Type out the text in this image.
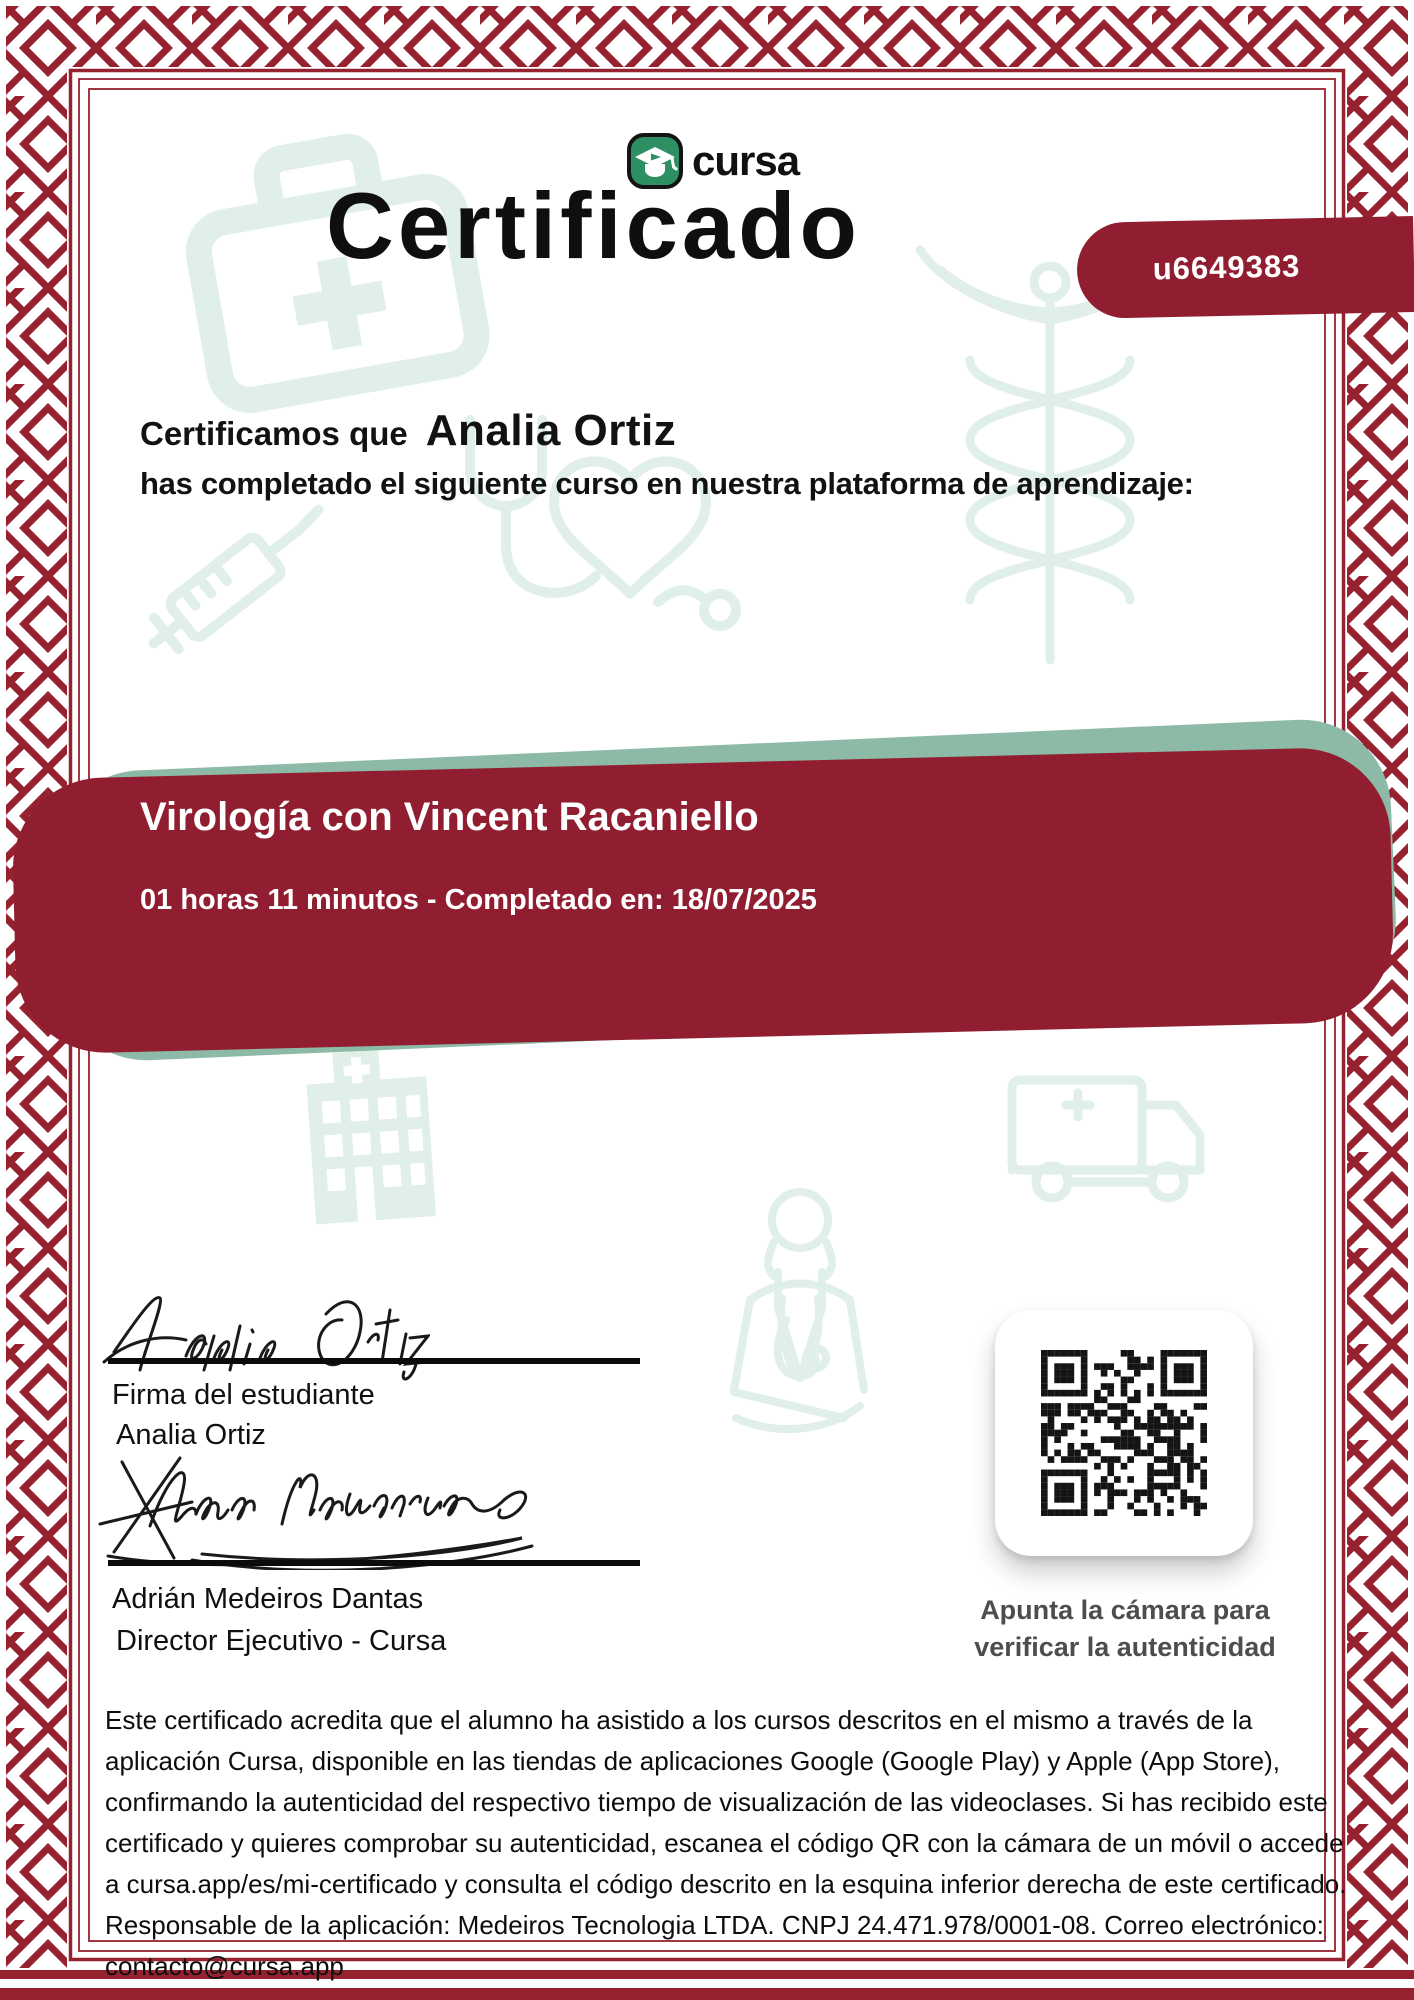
cursa
Certificado	u6649383
Certificamos que Analia Ortiz
has completado el siguiente curso en nuestra plataforma de aprendizaje:
Virología con Vincent Racaniello
01 horas 11 minutos - Completado en: 18/07/2025
Firma del estudiante
Analia Ortiz
Adrián Medeiros Dantas
Director Ejecutivo - Cursa
Apunta la cámara para
verificar la autenticidad

Este certificado acredita que el alumno ha asistido a los cursos descritos en el mismo a través de la aplicación Cursa, disponible en las tiendas de aplicaciones Google (Google Play) y Apple (App Store), confirmando la autenticidad del respectivo tiempo de visualización de las videoclases. Si has recibido este certificado y quieres comprobar su autenticidad, escanea el código QR con la cámara de un móvil o accede a cursa.app/es/mi-certificado y consulta el código descrito en la esquina inferior derecha de este certificado. Responsable de la aplicación: Medeiros Tecnologia LTDA. CNPJ 24.471.978/0001-08. Correo electrónico: contacto@cursa.app
